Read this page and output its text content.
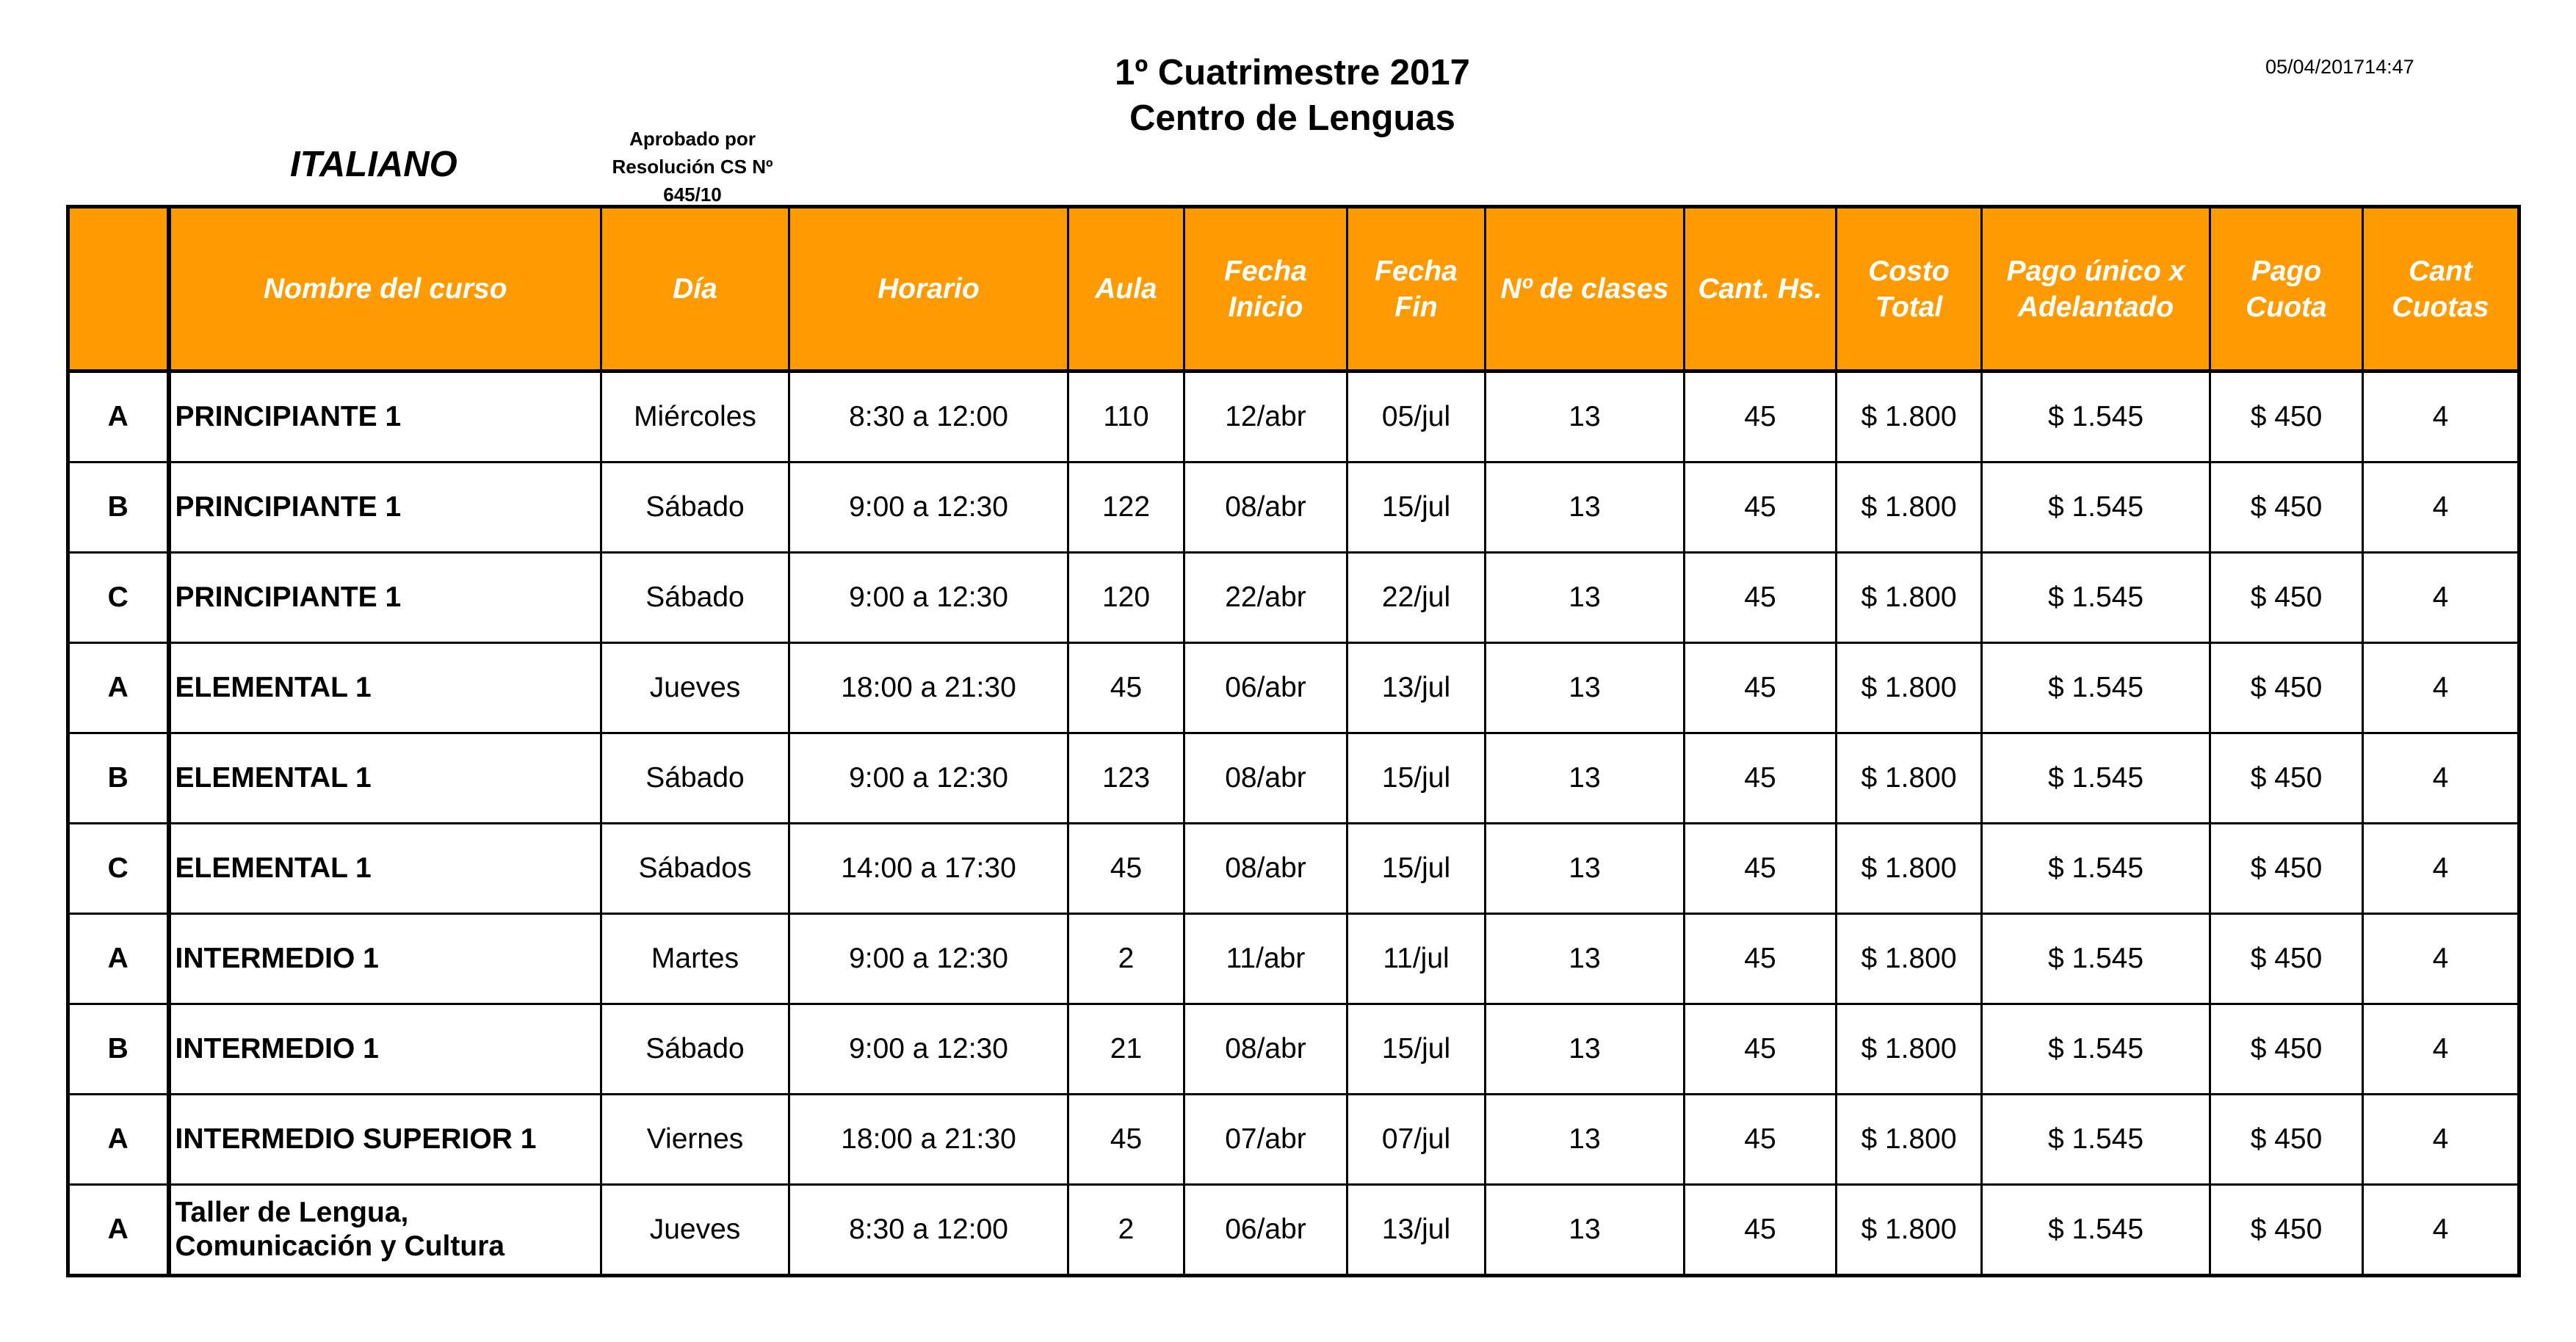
1º Cuatrimestre 2017
Centro de Lenguas
05/04/201714:47
ITALIANO
Aprobado por
Resolución CS Nº
645/10
	Nombre del curso	Día	Horario	Aula	Fecha Inicio	Fecha Fin	Nº de clases	Cant. Hs.	Costo Total	Pago único x Adelantado	Pago Cuota	Cant Cuotas
A	PRINCIPIANTE 1	Miércoles	8:30 a 12:00	110	12/abr	05/jul	13	45	$ 1.800	$ 1.545	$ 450	4
B	PRINCIPIANTE 1	Sábado	9:00 a 12:30	122	08/abr	15/jul	13	45	$ 1.800	$ 1.545	$ 450	4
C	PRINCIPIANTE 1	Sábado	9:00 a 12:30	120	22/abr	22/jul	13	45	$ 1.800	$ 1.545	$ 450	4
A	ELEMENTAL 1	Jueves	18:00 a 21:30	45	06/abr	13/jul	13	45	$ 1.800	$ 1.545	$ 450	4
B	ELEMENTAL 1	Sábado	9:00 a 12:30	123	08/abr	15/jul	13	45	$ 1.800	$ 1.545	$ 450	4
C	ELEMENTAL 1	Sábados	14:00 a 17:30	45	08/abr	15/jul	13	45	$ 1.800	$ 1.545	$ 450	4
A	INTERMEDIO 1	Martes	9:00 a 12:30	2	11/abr	11/jul	13	45	$ 1.800	$ 1.545	$ 450	4
B	INTERMEDIO 1	Sábado	9:00 a 12:30	21	08/abr	15/jul	13	45	$ 1.800	$ 1.545	$ 450	4
A	INTERMEDIO SUPERIOR 1	Viernes	18:00 a 21:30	45	07/abr	07/jul	13	45	$ 1.800	$ 1.545	$ 450	4
A	Taller de Lengua, Comunicación y Cultura	Jueves	8:30 a 12:00	2	06/abr	13/jul	13	45	$ 1.800	$ 1.545	$ 450	4
